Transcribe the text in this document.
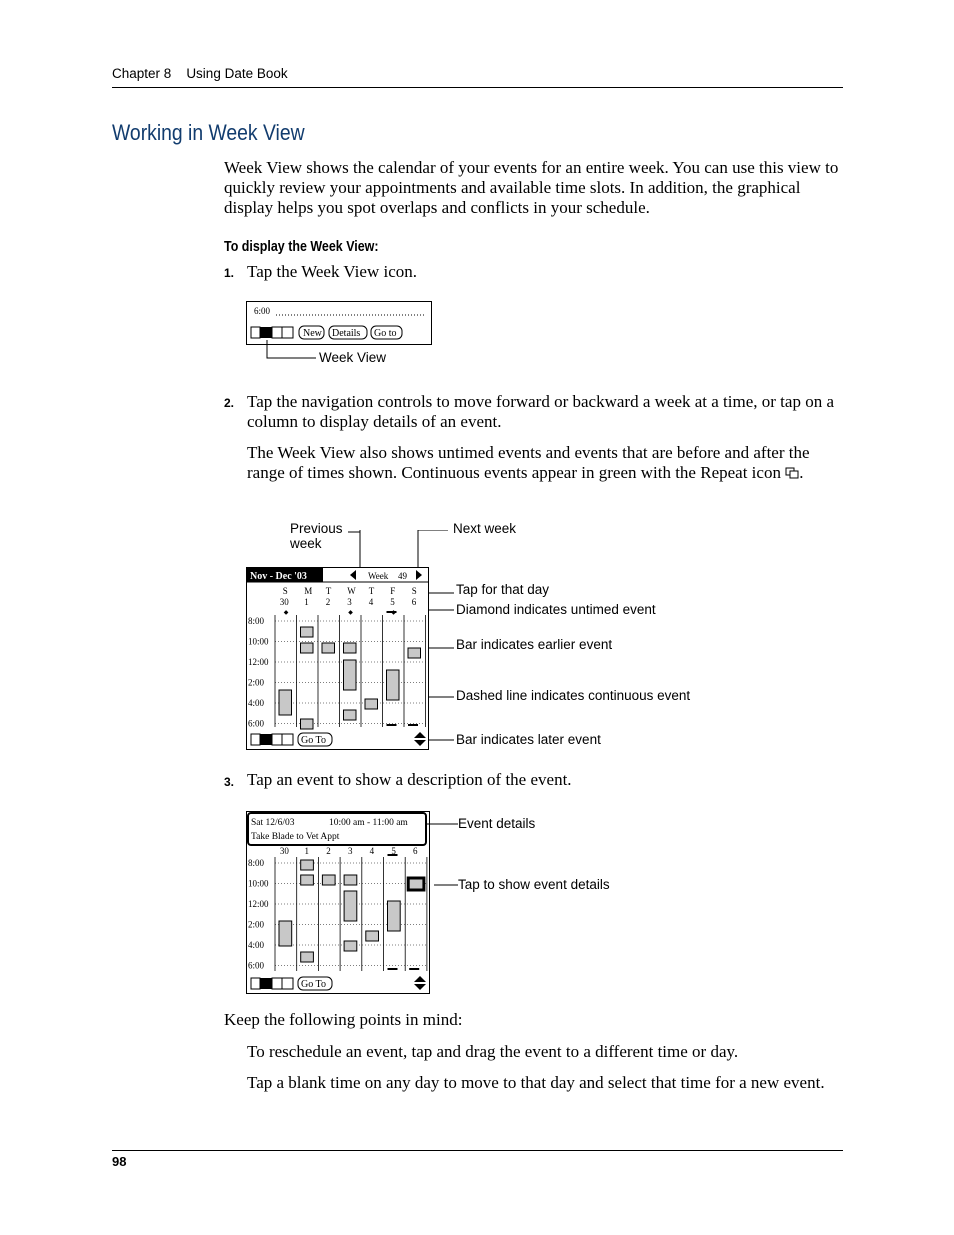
Chapter 8 Using Date Book
Working in Week View
Week View shows the calendar of your events for an entire week. You can use this view to quickly review your appointments and available time slots. In addition, the graphical display helps you spot overlaps and conflicts in your schedule.
To display the Week View:
1. Tap the Week View icon.
6:00
New Details Go to
Week View
2. Tap the navigation controls to move forward or backward a week at a time, or tap on a column to display details of an event.
The Week View also shows untimed events and events that are before and after the range of times shown. Continuous events appear in green with the Repeat icon .
Previous week
Next week
Tap for that day
Diamond indicates untimed event
Bar indicates earlier event
Dashed line indicates continuous event
Bar indicates later event
Nov - Dec '03	Week 49
S
30
M
1
T
2
W
3
T
4
F
5
S
6
8:00
10:00
12:00
2:00
4:00
6:00
◆	◆	◆
Go To
3. Tap an event to show a description of the event.
Sat 12/6/03	10:00 am - 11:00 am
Take Blade to Vet Appt
30 1 2 3 4 5 6
8:00
10:00
12:00
2:00
4:00
6:00
Go To
Event details
Tap to show event details
Keep the following points in mind:
To reschedule an event, tap and drag the event to a different time or day.
Tap a blank time on any day to move to that day and select that time for a new event.
98
